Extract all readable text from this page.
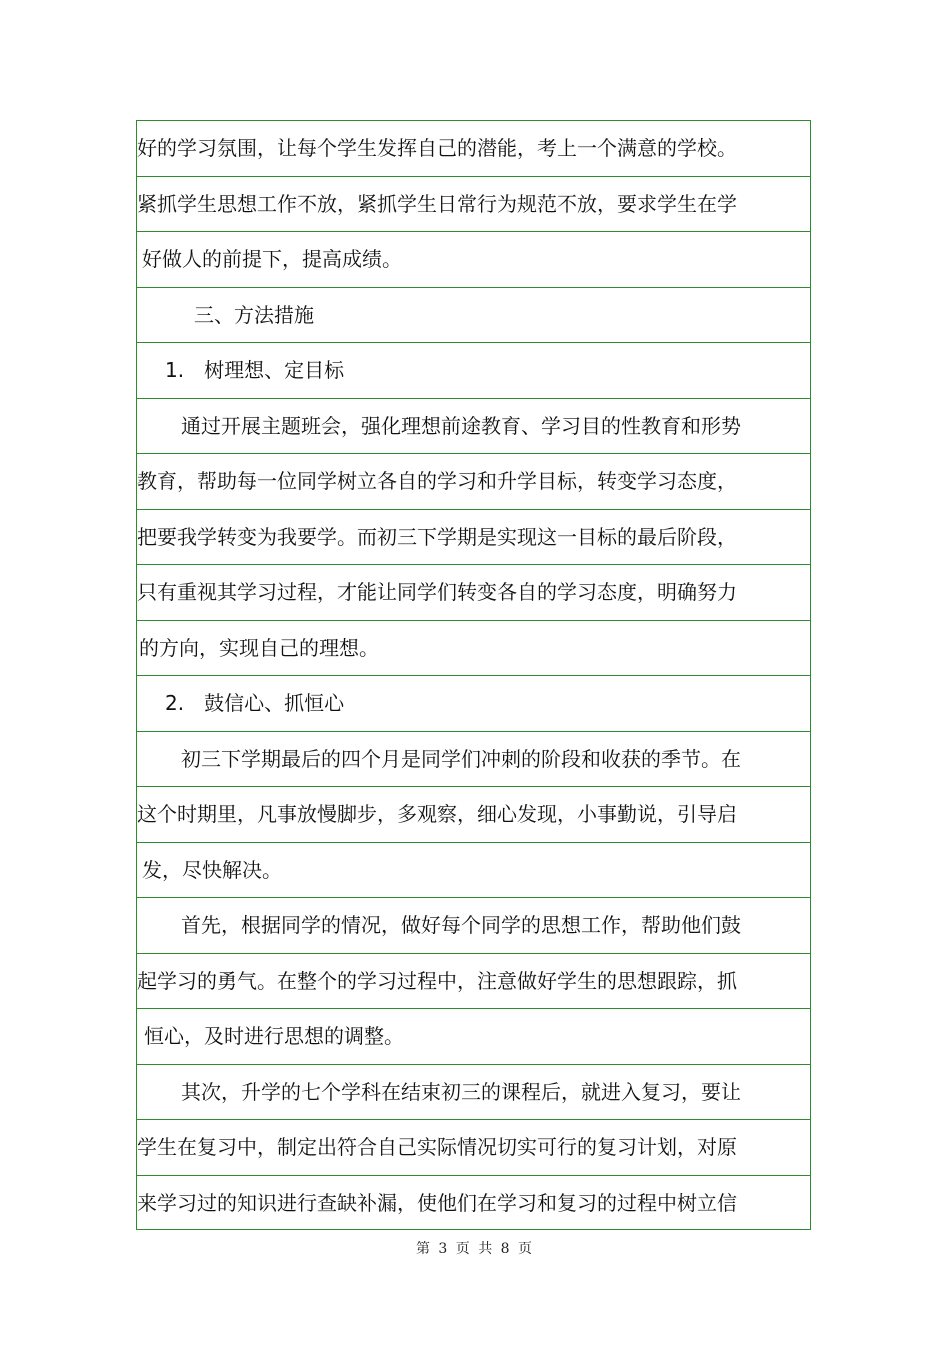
好的学习氛围，让每个学生发挥自己的潜能，考上一个满意的学校。
紧抓学生思想工作不放，紧抓学生日常行为规范不放，要求学生在学
好做人的前提下，提高成绩。
三、方法措施
1.　树理想、定目标
通过开展主题班会，强化理想前途教育、学习目的性教育和形势
教育，帮助每一位同学树立各自的学习和升学目标，转变学习态度，
把要我学转变为我要学。而初三下学期是实现这一目标的最后阶段，
只有重视其学习过程，才能让同学们转变各自的学习态度，明确努力
的方向，实现自己的理想。
2.　鼓信心、抓恒心
初三下学期最后的四个月是同学们冲刺的阶段和收获的季节。在
这个时期里，凡事放慢脚步，多观察，细心发现，小事勤说，引导启
发，尽快解决。
首先，根据同学的情况，做好每个同学的思想工作，帮助他们鼓
起学习的勇气。在整个的学习过程中，注意做好学生的思想跟踪，抓
恒心，及时进行思想的调整。
其次，升学的七个学科在结束初三的课程后，就进入复习，要让
学生在复习中，制定出符合自己实际情况切实可行的复习计划，对原
来学习过的知识进行查缺补漏，使他们在学习和复习的过程中树立信
第 3 页 共 8 页
